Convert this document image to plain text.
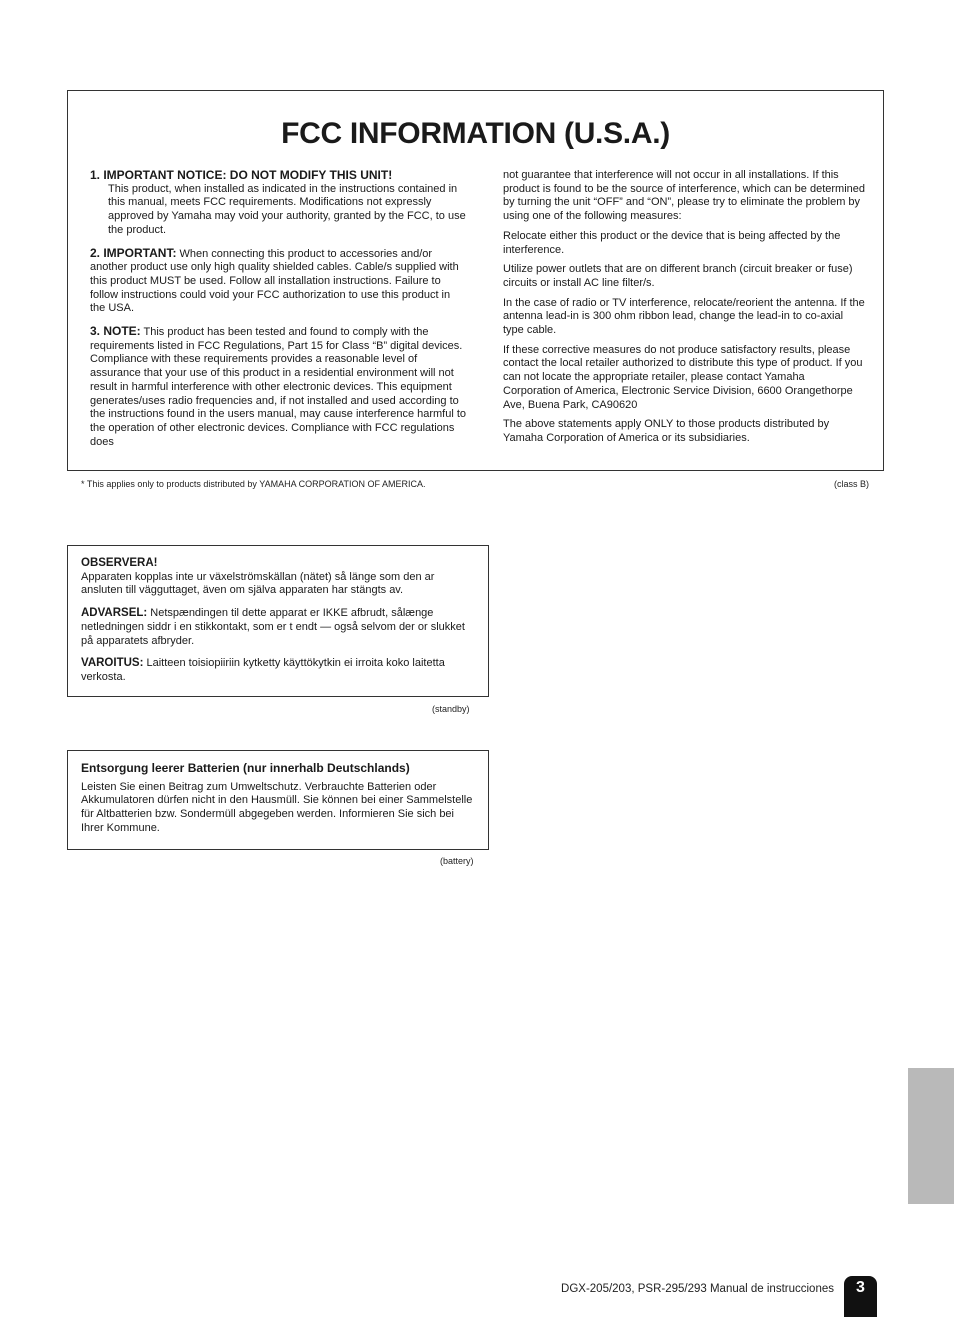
FCC INFORMATION (U.S.A.)
1. IMPORTANT NOTICE: DO NOT MODIFY THIS UNIT!
This product, when installed as indicated in the instructions contained in this manual, meets FCC requirements. Modifications not expressly approved by Yamaha may void your authority, granted by the FCC, to use the product.
2. IMPORTANT: When connecting this product to accessories and/or another product use only high quality shielded cables. Cable/s supplied with this product MUST be used. Follow all installation instructions. Failure to follow instructions could void your FCC authorization to use this product in the USA.
3. NOTE: This product has been tested and found to comply with the requirements listed in FCC Regulations, Part 15 for Class “B” digital devices. Compliance with these requirements provides a reasonable level of assurance that your use of this product in a residential environment will not result in harmful interference with other electronic devices. This equipment generates/uses radio frequencies and, if not installed and used according to the instructions found in the users manual, may cause interference harmful to the operation of other electronic devices. Compliance with FCC regulations does

not guarantee that interference will not occur in all installations. If this product is found to be the source of interference, which can be determined by turning the unit “OFF” and “ON”, please try to eliminate the problem by using one of the following measures:

Relocate either this product or the device that is being affected by the interference.

Utilize power outlets that are on different branch (circuit breaker or fuse) circuits or install AC line filter/s.

In the case of radio or TV interference, relocate/reorient the antenna. If the antenna lead-in is 300 ohm ribbon lead, change the lead-in to co-axial type cable.

If these corrective measures do not produce satisfactory results, please contact the local retailer authorized to distribute this type of product. If you can not locate the appropriate retailer, please contact Yamaha Corporation of America, Electronic Service Division, 6600 Orangethorpe Ave, Buena Park, CA90620

The above statements apply ONLY to those products distributed by Yamaha Corporation of America or its subsidiaries.

* This applies only to products distributed by YAMAHA CORPORATION OF AMERICA.	(class B)

OBSERVERA!
Apparaten kopplas inte ur växelströmskällan (nätet) så länge som den ar ansluten till vägguttaget, även om själva apparaten har stängts av.

ADVARSEL: Netspændingen til dette apparat er IKKE afbrudt, sålænge netledningen siddr i en stikkontakt, som er t endt — også selvom der or slukket på apparatets afbryder.

VAROITUS: Laitteen toisiopiiriin kytketty käyttökytkin ei irroita koko laitetta verkosta.

(standby)
Entsorgung leerer Batterien (nur innerhalb Deutschlands)
Leisten Sie einen Beitrag zum Umweltschutz. Verbrauchte Batterien oder Akkumulatoren dürfen nicht in den Hausmüll. Sie können bei einer Sammelstelle für Altbatterien bzw. Sondermüll abgegeben werden. Informieren Sie sich bei Ihrer Kommune.
(battery)
DGX-205/203, PSR-295/293 Manual de instrucciones	3
